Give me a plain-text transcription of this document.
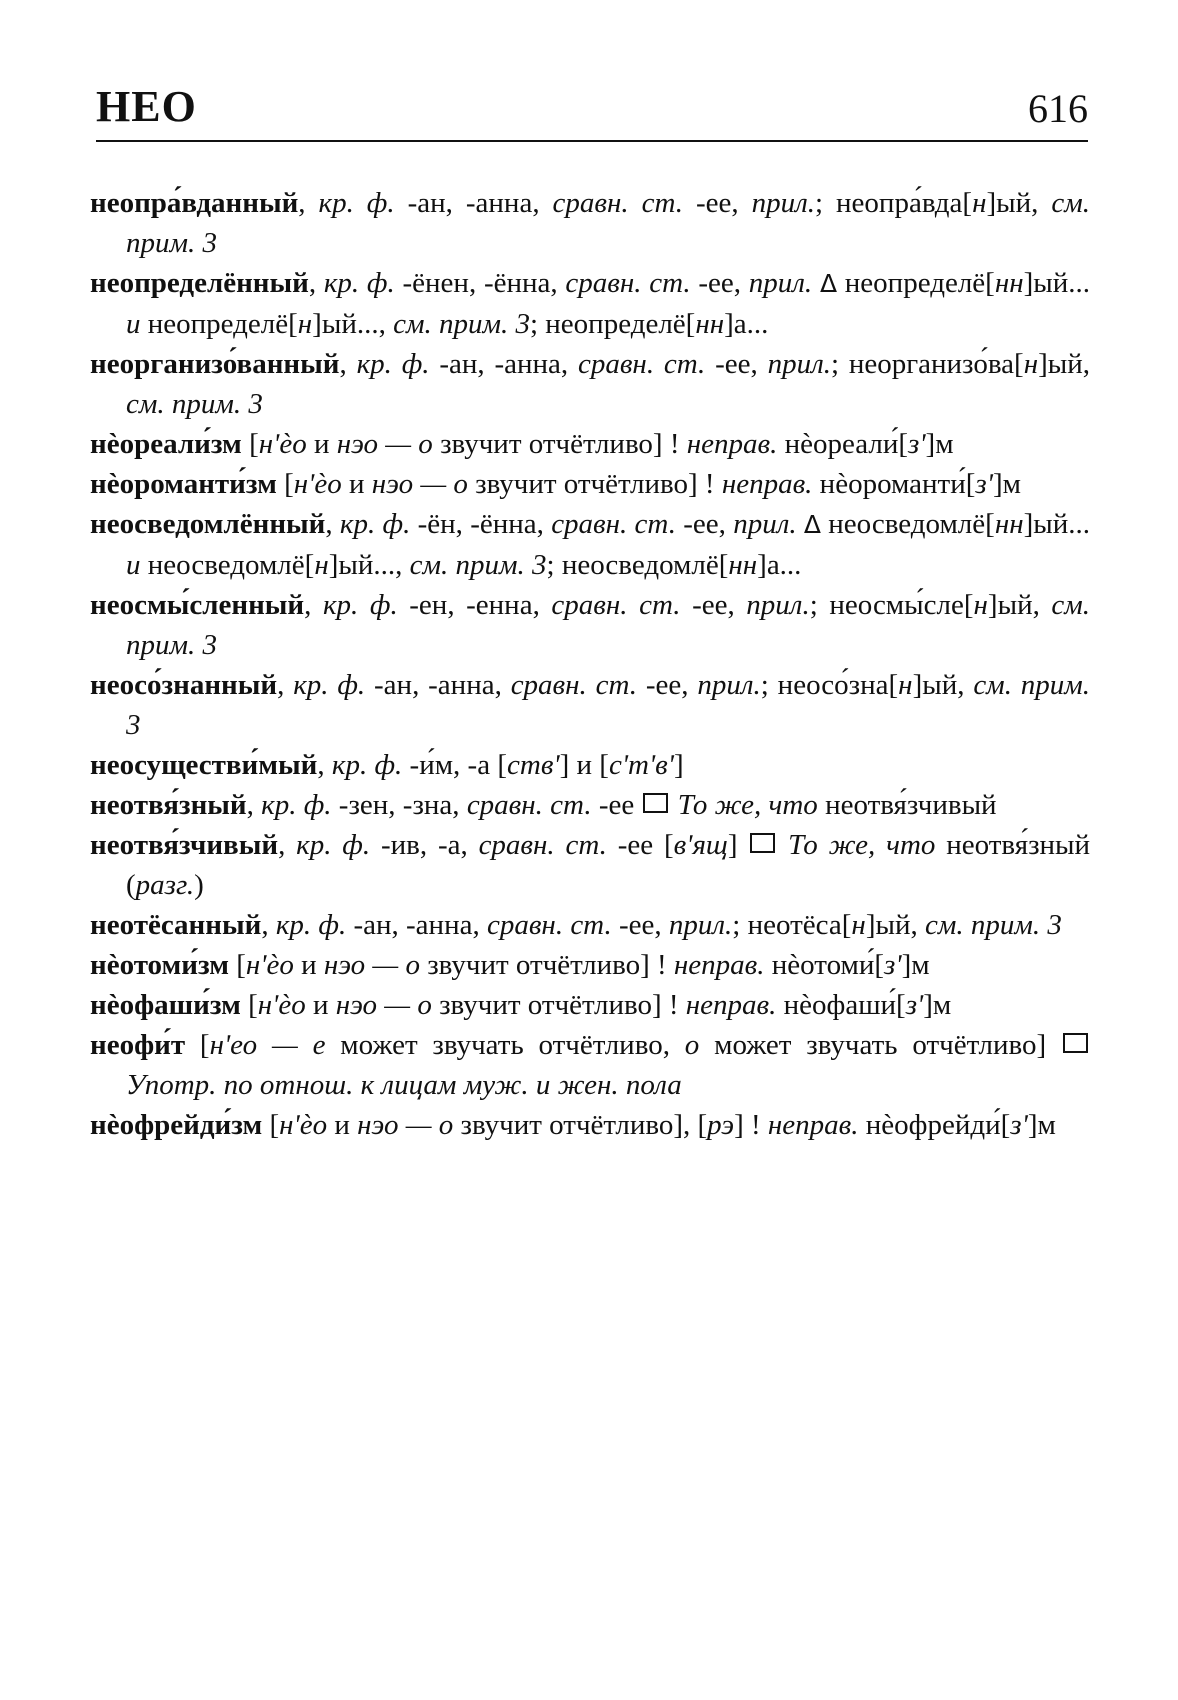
НЕО	616

неопра́вданный, кр. ф. -ан, -анна, сравн. ст. -ее, прил.; неопра́вда[н]ый, см. прим. 3

неопределённый, кр. ф. -ёнен, -ённа, сравн. ст. -ее, прил. Δ неопределё[нн]ый... и неопределё[н]ый..., см. прим. 3; неопределё[нн]а...

неорганизо́ванный, кр. ф. -ан, -анна, сравн. ст. -ее, прил.; неорганизо́ва[н]ый, см. прим. 3

нѐореали́зм [нʹѐо и нэо — о звучит отчётливо] ! неправ. нѐореали́[зʹ]м

нѐороманти́зм [нʹѐо и нэо — о звучит отчётливо] ! неправ. нѐороманти́[зʹ]м

неосведомлённый, кр. ф. -ён, -ённа, сравн. ст. -ее, прил. Δ неосведомлё[нн]ый... и неосведомлё[н]ый..., см. прим. 3; неосведомлё[нн]а...

неосмы́сленный, кр. ф. -ен, -енна, сравн. ст. -ее, прил.; неосмы́сле[н]ый, см. прим. 3

неосо́знанный, кр. ф. -ан, -анна, сравн. ст. -ее, прил.; неосо́зна[н]ый, см. прим. 3

неосуществи́мый, кр. ф. -и́м, -а [ствʹ] и [сʹтʹвʹ]

неотвя́зный, кр. ф. -зен, -зна, сравн. ст. -ее  То же, что неотвя́зчивый

неотвя́зчивый, кр. ф. -ив, -а, сравн. ст. -ее [вʹящ]  То же, что неотвя́зный (разг.)

неотёсанный, кр. ф. -ан, -анна, сравн. ст. -ее, прил.; неотёса[н]ый, см. прим. 3

нѐотоми́зм [нʹѐо и нэо — о звучит отчётливо] ! неправ. нѐотоми́[зʹ]м

нѐофаши́зм [нʹѐо и нэо — о звучит отчётливо] ! неправ. нѐофаши́[зʹ]м

неофи́т [нʹео — е может звучать отчётливо, о может звучать отчётливо]  Употр. по отнош. к лицам муж. и жен. пола

нѐофрейди́зм [нʹѐо и нэо — о звучит отчётливо], [рэ] ! неправ. нѐофрейди́[зʹ]м
